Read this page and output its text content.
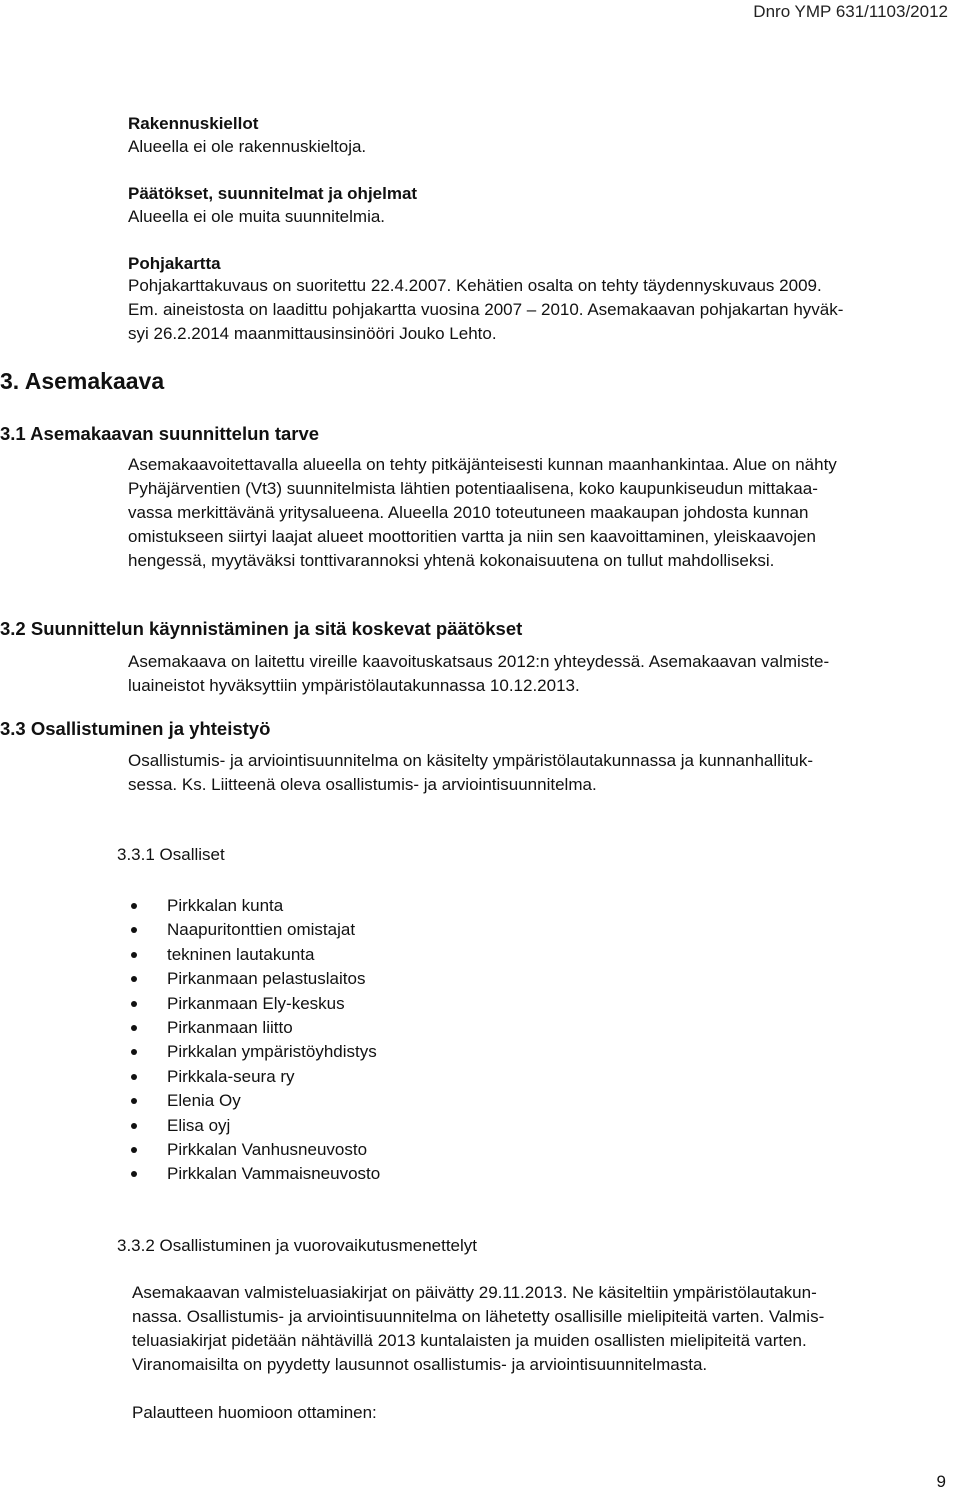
Dnro YMP 631/1103/2012
Rakennuskiellot
Alueella ei ole rakennuskieltoja.
Päätökset, suunnitelmat ja ohjelmat
Alueella ei ole muita suunnitelmia.
Pohjakartta
Pohjakarttakuvaus on suoritettu 22.4.2007. Kehätien osalta on tehty täydennyskuvaus 2009.
Em. aineistosta on laadittu pohjakartta vuosina 2007 – 2010. Asemakaavan pohjakartan hyväk-
syi 26.2.2014 maanmittausinsinööri Jouko Lehto.
3. Asemakaava
3.1 Asemakaavan suunnittelun tarve
Asemakaavoitettavalla alueella on tehty pitkäjänteisesti kunnan maanhankintaa. Alue on nähty
Pyhäjärventien (Vt3) suunnitelmista lähtien potentiaalisena, koko kaupunkiseudun mittakaa-
vassa merkittävänä yritysalueena. Alueella 2010 toteutuneen maakaupan johdosta kunnan
omistukseen siirtyi laajat alueet moottoritien vartta ja niin sen kaavoittaminen, yleiskaavojen
hengessä, myytäväksi tonttivarannoksi yhtenä kokonaisuutena on tullut mahdolliseksi.
3.2 Suunnittelun käynnistäminen ja sitä koskevat päätökset
Asemakaava on laitettu vireille kaavoituskatsaus 2012:n yhteydessä. Asemakaavan valmiste-
luaineistot hyväksyttiin ympäristölautakunnassa 10.12.2013.
3.3 Osallistuminen ja yhteistyö
Osallistumis- ja arviointisuunnitelma on käsitelty ympäristölautakunnassa ja kunnanhallituk-
sessa. Ks. Liitteenä oleva osallistumis- ja arviointisuunnitelma.
3.3.1 Osalliset
Pirkkalan kunta
Naapuritonttien omistajat
tekninen lautakunta
Pirkanmaan pelastuslaitos
Pirkanmaan Ely-keskus
Pirkanmaan liitto
Pirkkalan ympäristöyhdistys
Pirkkala-seura ry
Elenia Oy
Elisa oyj
Pirkkalan Vanhusneuvosto
Pirkkalan Vammaisneuvosto
3.3.2 Osallistuminen ja vuorovaikutusmenettelyt
Asemakaavan valmisteluasiakirjat on päivätty 29.11.2013. Ne käsiteltiin ympäristölautakun-
nassa. Osallistumis- ja arviointisuunnitelma on lähetetty osallisille mielipiteitä varten. Valmis-
teluasiakirjat pidetään nähtävillä 2013 kuntalaisten ja muiden osallisten mielipiteitä varten.
Viranomaisilta on pyydetty lausunnot osallistumis- ja arviointisuunnitelmasta.
Palautteen huomioon ottaminen:
9
